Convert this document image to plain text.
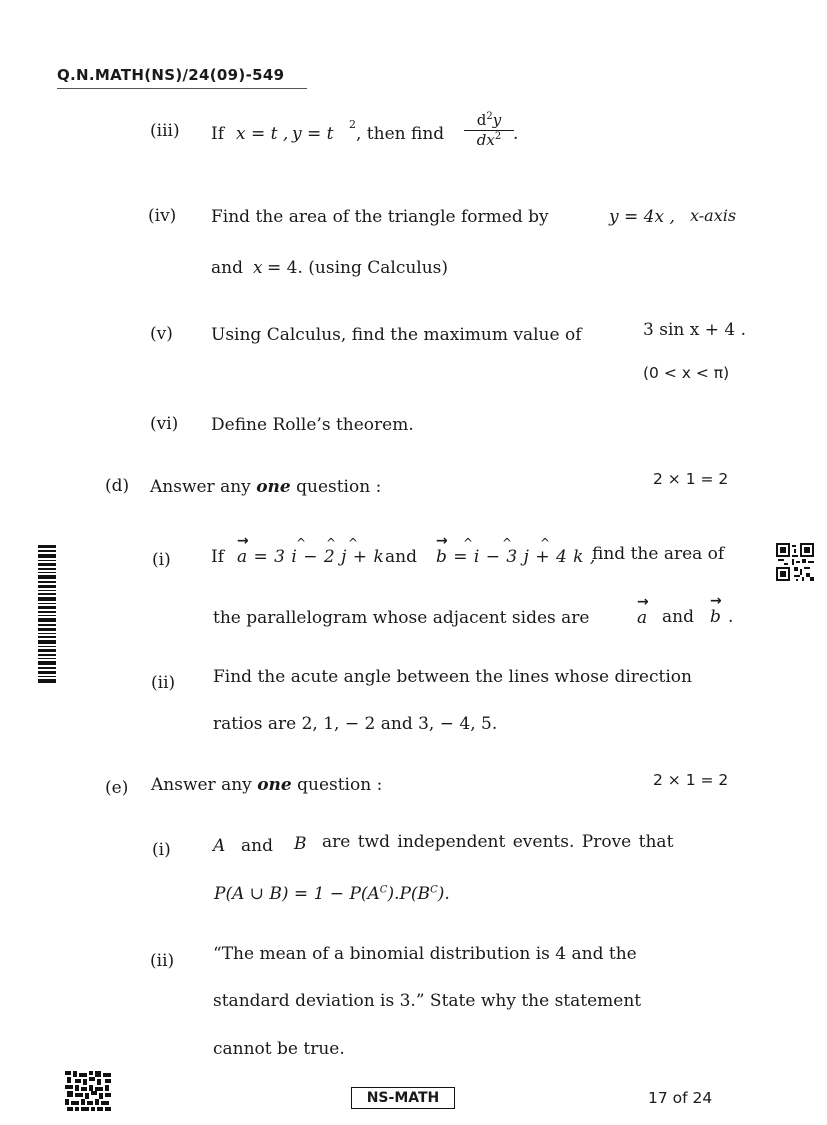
Q.N.MATH(NS)/24(09)-549
(iii) If x = t , y = t 2 , then find $\frac{d^2y}{dx^2}$ .
(iv) Find the area of the triangle formed by	y = 4x , x-axis
and x = 4. (using Calculus)
(v) Using Calculus, find the maximum value of	3 sin x + 4 .
(0 < x < π)
(vi) Define Rolle’s theorem.
(d) Answer any one question :	2 × 1 = 2
(i) If a = 3 i − 2 j + k
→	^ ^ ^
and b = i − 3 j + 4 k ,
→ ^ ^ ^
find the area of
the parallelogram whose adjacent sides are	a
→
and b
→
.
(ii) Find the acute angle between the lines whose direction
ratios are 2, 1, − 2 and 3, − 4, 5.
(e) Answer any one question :	2 × 1 = 2
(i) A and B are twd independent events. Prove that
P(A ∪ $B) = 1 - P(A^C).P(B^C)$.
(ii) “The mean of a binomial distribution is 4 and the
standard deviation is 3.” State why the statement
cannot be true.
NS-MATH	17 of 24
